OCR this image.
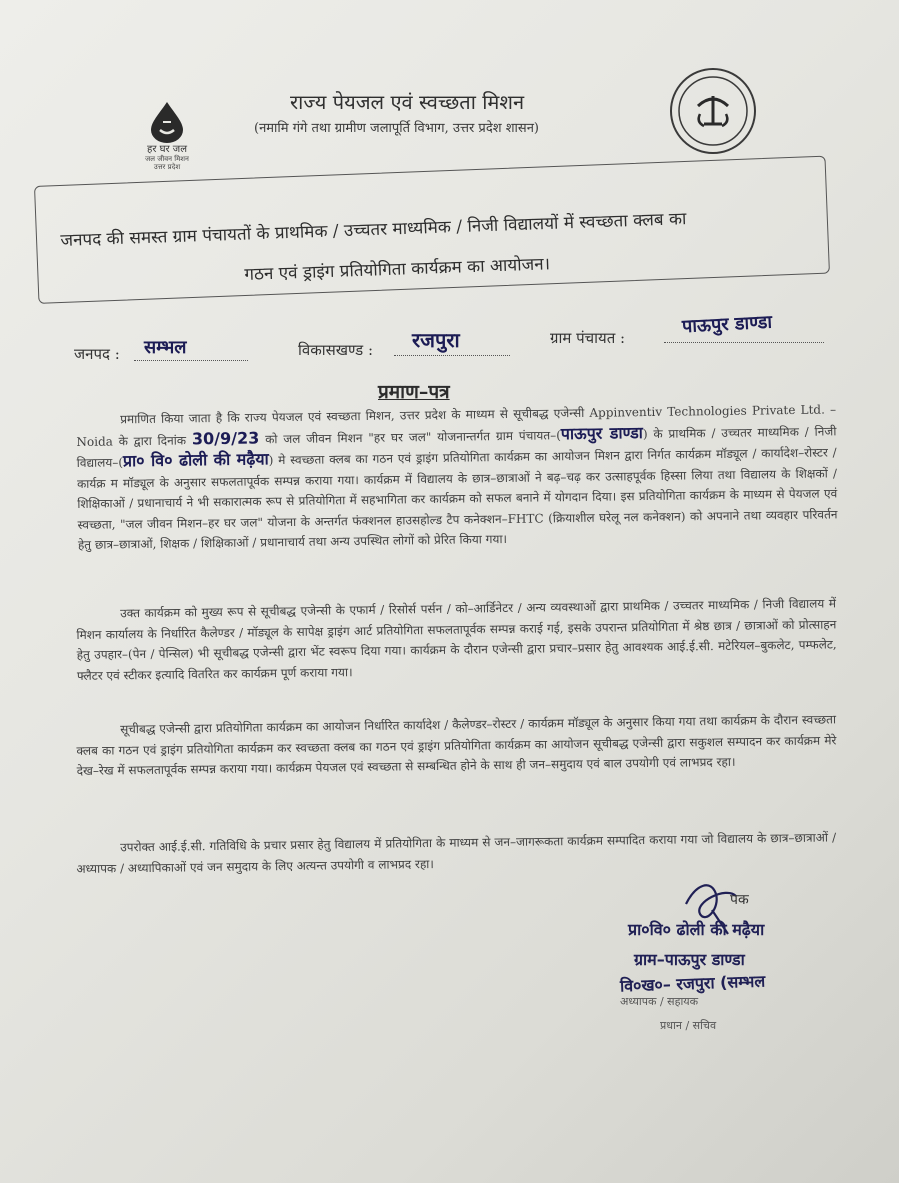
हर घर जल
जल जीवन मिशन
उत्तर प्रदेश
राज्य पेयजल एवं स्वच्छता मिशन
(नमामि गंगे तथा ग्रामीण जलापूर्ति विभाग, उत्तर प्रदेश शासन)
जनपद की समस्त ग्राम पंचायतों के प्राथमिक / उच्चतर माध्यमिक / निजी विद्यालयों में स्वच्छता क्लब का
गठन एवं ड्राइंग प्रतियोगिता कार्यक्रम का आयोजन।
जनपद : सम्भल	विकासखण्ड : रजपुरा	ग्राम पंचायत :
पाऊपुर डाण्डा
प्रमाण–पत्र
प्रमाणित किया जाता है कि राज्य पेयजल एवं स्वच्छता मिशन, उत्तर प्रदेश के माध्यम से सूचीबद्ध एजेन्सी Appinventiv Technologies Private Ltd. – Noida के द्वारा दिनांक 30/9/23 को जल जीवन मिशन "हर घर जल" योजनान्तर्गत ग्राम पंचायत–(पाऊपुर डाण्डा) के प्राथमिक / उच्चतर माध्यमिक / निजी विद्यालय–(प्रा० वि० ढोली की मढ़ैया) मे स्वच्छता क्लब का गठन एवं ड्राइंग प्रतियोगिता कार्यक्रम का आयोजन मिशन द्वारा निर्गत कार्यक्रम मॉड्यूल / कार्यादेश–रोस्टर / कार्यक्र म मॉड्यूल के अनुसार सफलतापूर्वक सम्पन्न कराया गया। कार्यक्रम में विद्यालय के छात्र–छात्राओं ने बढ़–चढ़ कर उत्साहपूर्वक हिस्सा लिया तथा विद्यालय के शिक्षकों / शिक्षिकाओं / प्रधानाचार्य ने भी सकारात्मक रूप से प्रतियोगिता में सहभागिता कर कार्यक्रम को सफल बनाने में योगदान दिया। इस प्रतियोगिता कार्यक्रम के माध्यम से पेयजल एवं स्वच्छता, "जल जीवन मिशन–हर घर जल" योजना के अन्तर्गत फंक्शनल हाउसहोल्ड टैप कनेक्शन–FHTC (क्रियाशील घरेलू नल कनेक्शन) को अपनाने तथा व्यवहार परिवर्तन हेतु छात्र–छात्राओं, शिक्षक / शिक्षिकाओं / प्रधानाचार्य तथा अन्य उपस्थित लोगों को प्रेरित किया गया।
उक्त कार्यक्रम को मुख्य रूप से सूचीबद्ध एजेन्सी के एफार्म / रिसोर्स पर्सन / को–आर्डिनेटर / अन्य व्यवस्थाओं द्वारा प्राथमिक / उच्चतर माध्यमिक / निजी विद्यालय में मिशन कार्यालय के निर्धारित कैलेण्डर / मॉड्यूल के सापेक्ष ड्राइंग आर्ट प्रतियोगिता सफलतापूर्वक सम्पन्न कराई गई, इसके उपरान्त प्रतियोगिता में श्रेष्ठ छात्र / छात्राओं को प्रोत्साहन हेतु उपहार–(पेन / पेन्सिल) भी सूचीबद्ध एजेन्सी द्वारा भेंट स्वरूप दिया गया। कार्यक्रम के दौरान एजेन्सी द्वारा प्रचार–प्रसार हेतु आवश्यक आई.ई.सी. मटेरियल–बुकलेट, पम्फलेट, फ्लैटर एवं स्टीकर इत्यादि वितरित कर कार्यक्रम पूर्ण कराया गया।
सूचीबद्ध एजेन्सी द्वारा प्रतियोगिता कार्यक्रम का आयोजन निर्धारित कार्यादेश / कैलेण्डर–रोस्टर / कार्यक्रम मॉड्यूल के अनुसार किया गया तथा कार्यक्रम के दौरान स्वच्छता क्लब का गठन एवं ड्राइंग प्रतियोगिता कार्यक्रम कर स्वच्छता क्लब का गठन एवं ड्राइंग प्रतियोगिता कार्यक्रम का आयोजन सूचीबद्ध एजेन्सी द्वारा सकुशल सम्पादन कर कार्यक्रम मेरे देख–रेख में सफलतापूर्वक सम्पन्न कराया गया। कार्यक्रम पेयजल एवं स्वच्छता से सम्बन्धित होने के साथ ही जन–समुदाय एवं बाल उपयोगी एवं लाभप्रद रहा।
उपरोक्त आई.ई.सी. गतिविधि के प्रचार प्रसार हेतु विद्यालय में प्रतियोगिता के माध्यम से जन–जागरूकता कार्यक्रम सम्पादित कराया गया जो विद्यालय के छात्र–छात्राओं / अध्यापक / अध्यापिकाओं एवं जन समुदाय के लिए अत्यन्त उपयोगी व लाभप्रद रहा।
पक
प्रा०वि० ढोली की मढ़ैया
ग्राम–पाऊपुर डाण्डा
वि०ख०– रजपुरा (सम्भल
अध्यापक / सहायक
प्रधान / सचिव
